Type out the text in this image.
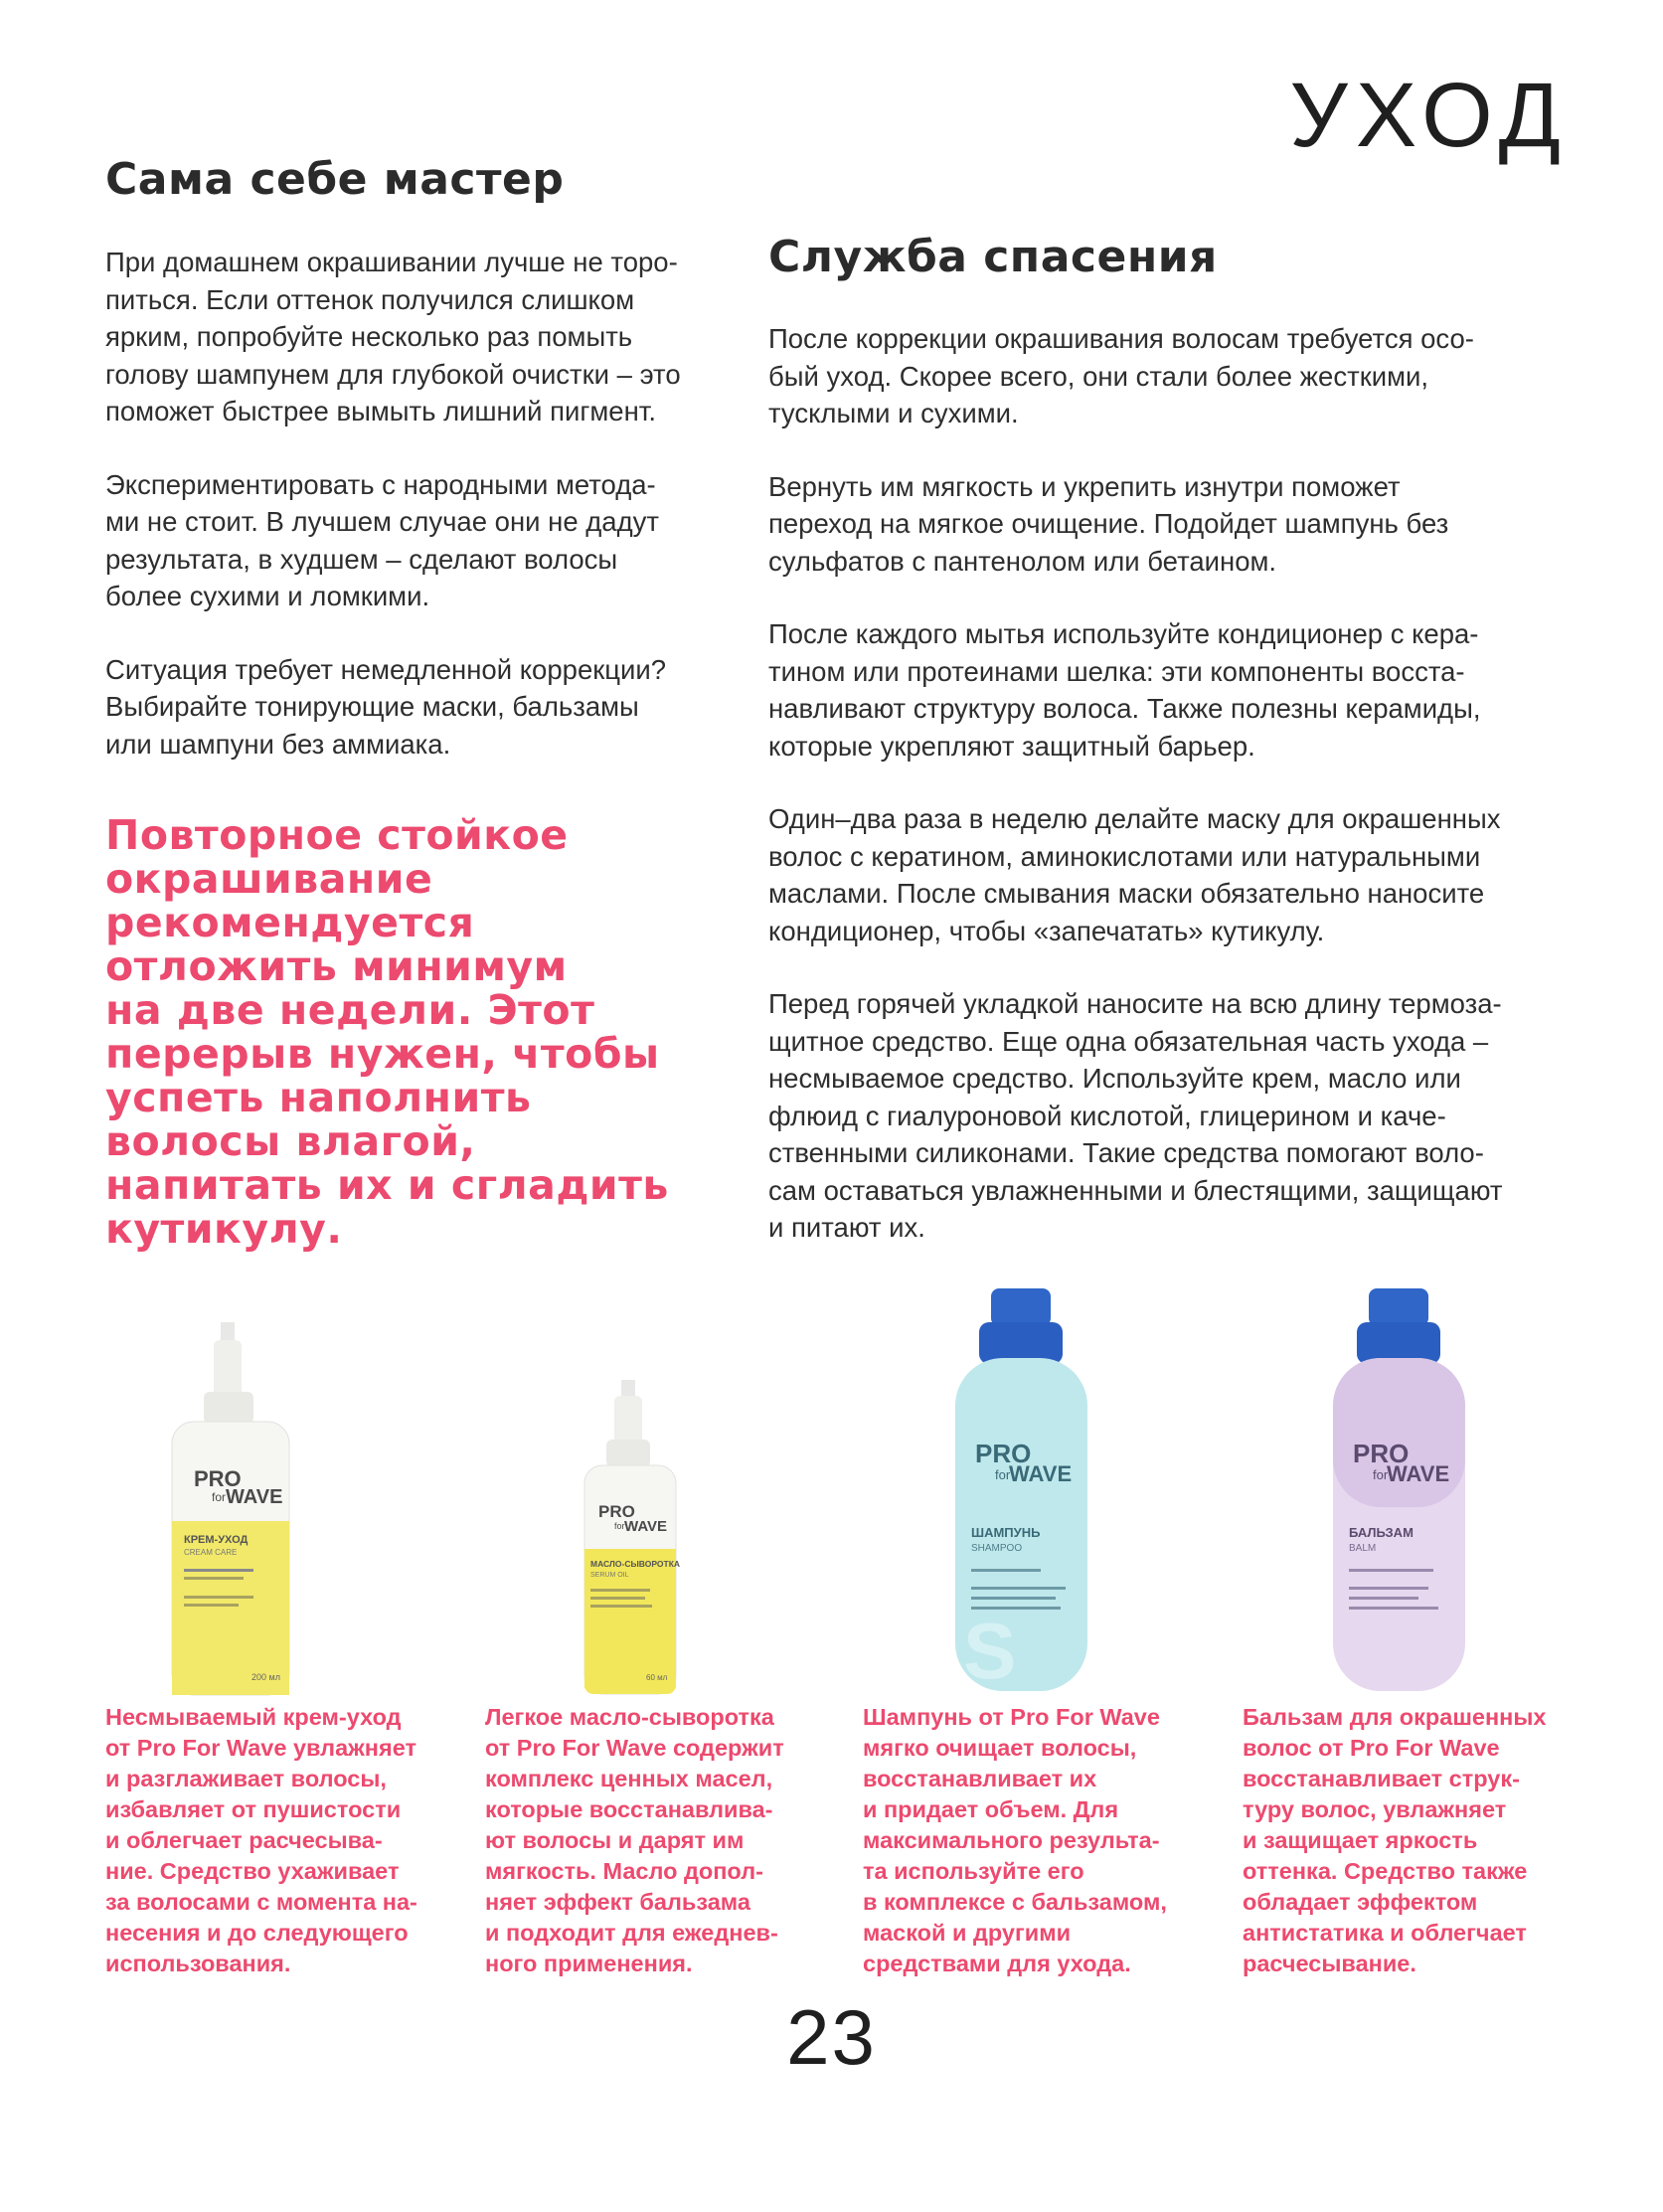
УХОД
Сама себе мастер

При домашнем окрашивании лучше не торо-
питься. Если оттенок получился слишком
ярким, попробуйте несколько раз помыть
голову шампунем для глубокой очистки – это
поможет быстрее вымыть лишний пигмент.

Экспериментировать с народными метода-
ми не стоит. В лучшем случае они не дадут
результата, в худшем – сделают волосы
более сухими и ломкими.

Ситуация требует немедленной коррекции?
Выбирайте тонирующие маски, бальзамы
или шампуни без аммиака.

Повторное стойкое
окрашивание
рекомендуется
отложить минимум
на две недели. Этот
перерыв нужен, чтобы
успеть наполнить
волосы влагой,
напитать их и сгладить
кутикулу.
Служба спасения

После коррекции окрашивания волосам требуется осо-
бый уход. Скорее всего, они стали более жесткими,
тусклыми и сухими.

Вернуть им мягкость и укрепить изнутри поможет
переход на мягкое очищение. Подойдет шампунь без
сульфатов с пантенолом или бетаином.

После каждого мытья используйте кондиционер с кера-
тином или протеинами шелка: эти компоненты восста-
навливают структуру волоса. Также полезны керамиды,
которые укрепляют защитный барьер.

Один–два раза в неделю делайте маску для окрашенных
волос с кератином, аминокислотами или натуральными
маслами. После смывания маски обязательно наносите
кондиционер, чтобы «запечатать» кутикулу.

Перед горячей укладкой наносите на всю длину термоза-
щитное средство. Еще одна обязательная часть ухода –
несмываемое средство. Используйте крем, масло или
флюид с гиалуроновой кислотой, глицерином и каче-
ственными силиконами. Такие средства помогают воло-
сам оставаться увлажненными и блестящими, защищают
и питают их.

PRO
for WAVE
КРЕМ-УХОД
CREAM CARE
200 мл
PRO
for WAVE
МАСЛО-СЫВОРОТКА
SERUM OIL
60 мл
PRO
for
WAVE
ШАМПУНЬ
SHAMPOO
S
PRO
for
WAVE
БАЛЬЗАМ
BALM
Несмываемый крем-уход
от Pro For Wave увлажняет
и разглаживает волосы,
избавляет от пушистости
и облегчает расчесыва-
ние. Средство ухаживает
за волосами с момента на-
несения и до следующего
использования.
Легкое масло-сыворотка
от Pro For Wave содержит
комплекс ценных масел,
которые восстанавлива-
ют волосы и дарят им
мягкость. Масло допол-
няет эффект бальзама
и подходит для ежеднев-
ного применения.
Шампунь от Pro For Wave
мягко очищает волосы,
восстанавливает их
и придает объем. Для
максимального результа-
та используйте его
в комплексе с бальзамом,
маской и другими
средствами для ухода.
Бальзам для окрашенных
волос от Pro For Wave
восстанавливает струк-
туру волос, увлажняет
и защищает яркость
оттенка. Средство также
обладает эффектом
антистатика и облегчает
расчесывание.
23
